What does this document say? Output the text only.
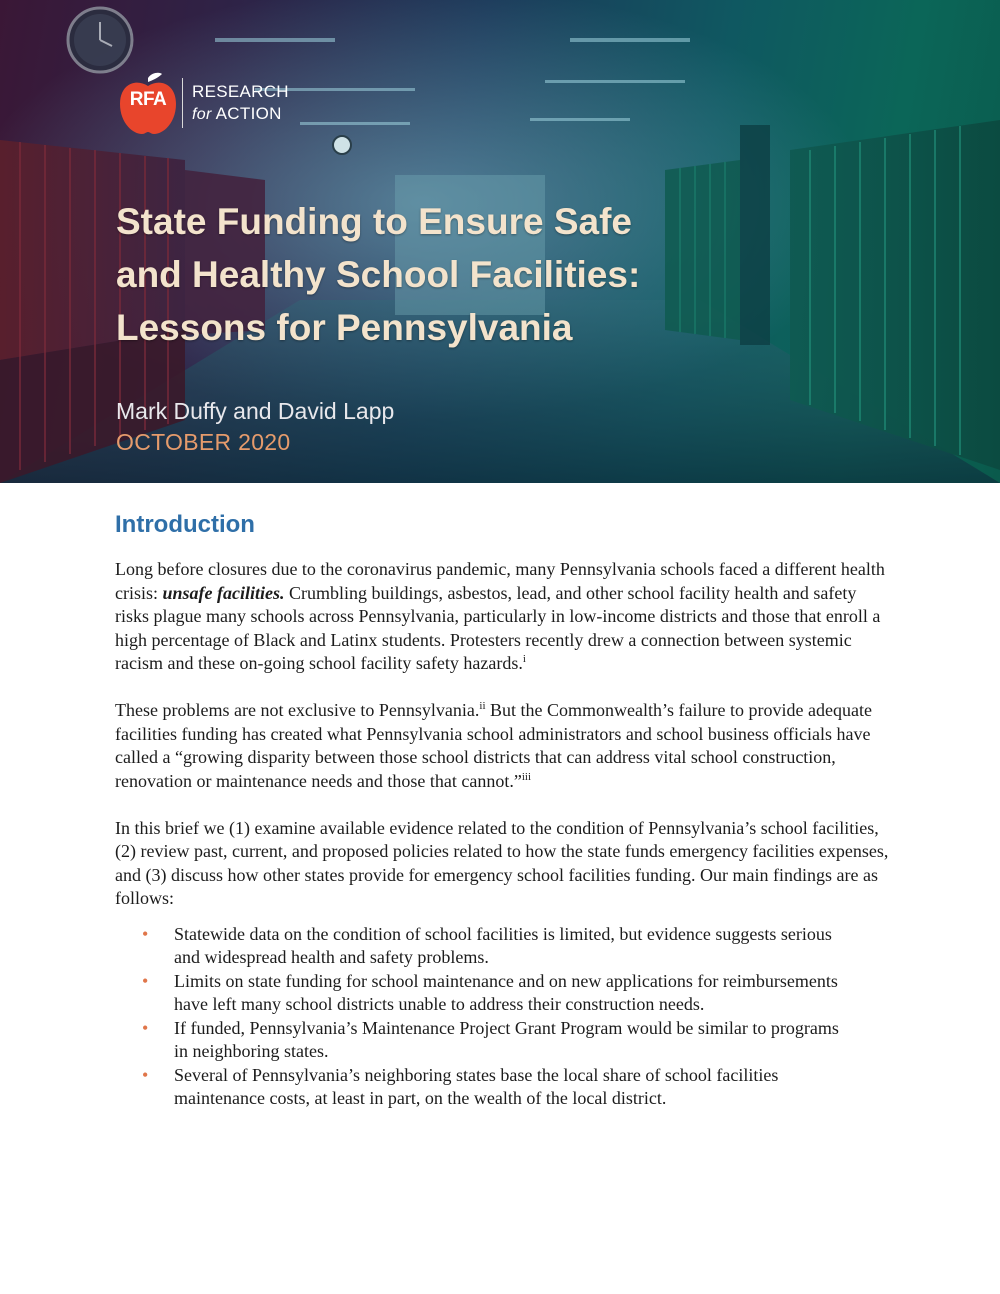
RFA	RESEARCH
for ACTION
State Funding to Ensure Safe
and Healthy School Facilities:
Lessons for Pennsylvania
Mark Duffy and David Lapp
OCTOBER 2020
Introduction

Long before closures due to the coronavirus pandemic, many Pennsylvania schools faced a different health crisis: unsafe facilities. Crumbling buildings, asbestos, lead, and other school facility health and safety risks plague many schools across Pennsylvania, particularly in low-income districts and those that enroll a high percentage of Black and Latinx students. Protesters recently drew a connection between systemic racism and these on-going school facility safety hazards.$^i$

These problems are not exclusive to Pennsylvania.$^{ii}$ But the Commonwealth’s failure to provide adequate facilities funding has created what Pennsylvania school administrators and school business officials have called a “growing disparity between those school districts that can address vital school construction, renovation or maintenance needs and those that cannot.”$^{iii}$

In this brief we (1) examine available evidence related to the condition of Pennsylvania’s school facilities, (2) review past, current, and proposed policies related to how the state funds emergency facilities expenses, and (3) discuss how other states provide for emergency school facilities funding. Our main findings are as follows:

• Statewide data on the condition of school facilities is limited, but evidence suggests serious and widespread health and safety problems.
• Limits on state funding for school maintenance and on new applications for reimbursements have left many school districts unable to address their construction needs.
• If funded, Pennsylvania’s Maintenance Project Grant Program would be similar to programs in neighboring states.
• Several of Pennsylvania’s neighboring states base the local share of school facilities maintenance costs, at least in part, on the wealth of the local district.
